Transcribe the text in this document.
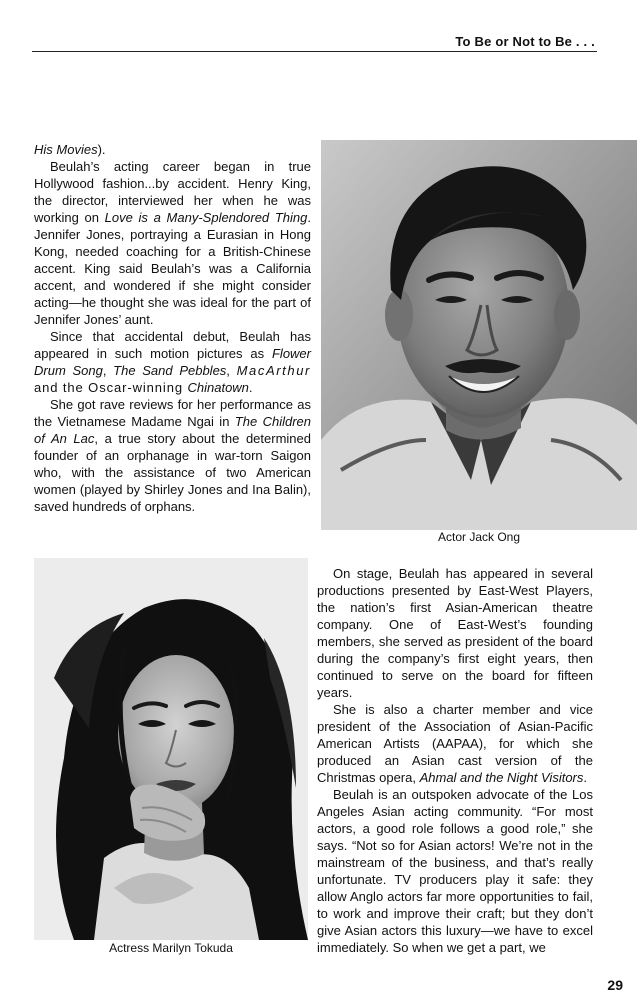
To Be or Not to Be . . .

His Movies).

Beulah’s acting career began in true Hollywood fashion...by accident. Henry King, the director, interviewed her when he was working on Love is a Many-Splendored Thing. Jennifer Jones, portraying a Eurasian in Hong Kong, needed coaching for a British-Chinese accent. King said Beulah’s was a California accent, and wondered if she might consider acting—he thought she was ideal for the part of Jennifer Jones’ aunt.

Since that accidental debut, Beulah has appeared in such motion pictures as Flower Drum Song, The Sand Pebbles, MacArthur and the Oscar-winning Chinatown.

She got rave reviews for her performance as the Vietnamese Madame Ngai in The Children of An Lac, a true story about the determined founder of an orphanage in war-torn Saigon who, with the assistance of two American women (played by Shirley Jones and Ina Balin), saved hundreds of orphans.

Actor Jack Ong
Actress Marilyn Tokuda

On stage, Beulah has appeared in several productions presented by East-West Players, the nation’s first Asian-American theatre company. One of East-West’s founding members, she served as president of the board during the company’s first eight years, then continued to serve on the board for fifteen years.

She is also a charter member and vice president of the Association of Asian-Pacific American Artists (AAPAA), for which she produced an Asian cast version of the Christmas opera, Ahmal and the Night Visitors.

Beulah is an outspoken advocate of the Los Angeles Asian acting community. “For most actors, a good role follows a good role,” she says. “Not so for Asian actors! We’re not in the mainstream of the business, and that’s really unfortunate. TV producers play it safe: they allow Anglo actors far more opportunities to fail, to work and improve their craft; but they don’t give Asian actors this luxury—we have to excel immediately. So when we get a part, we

29
